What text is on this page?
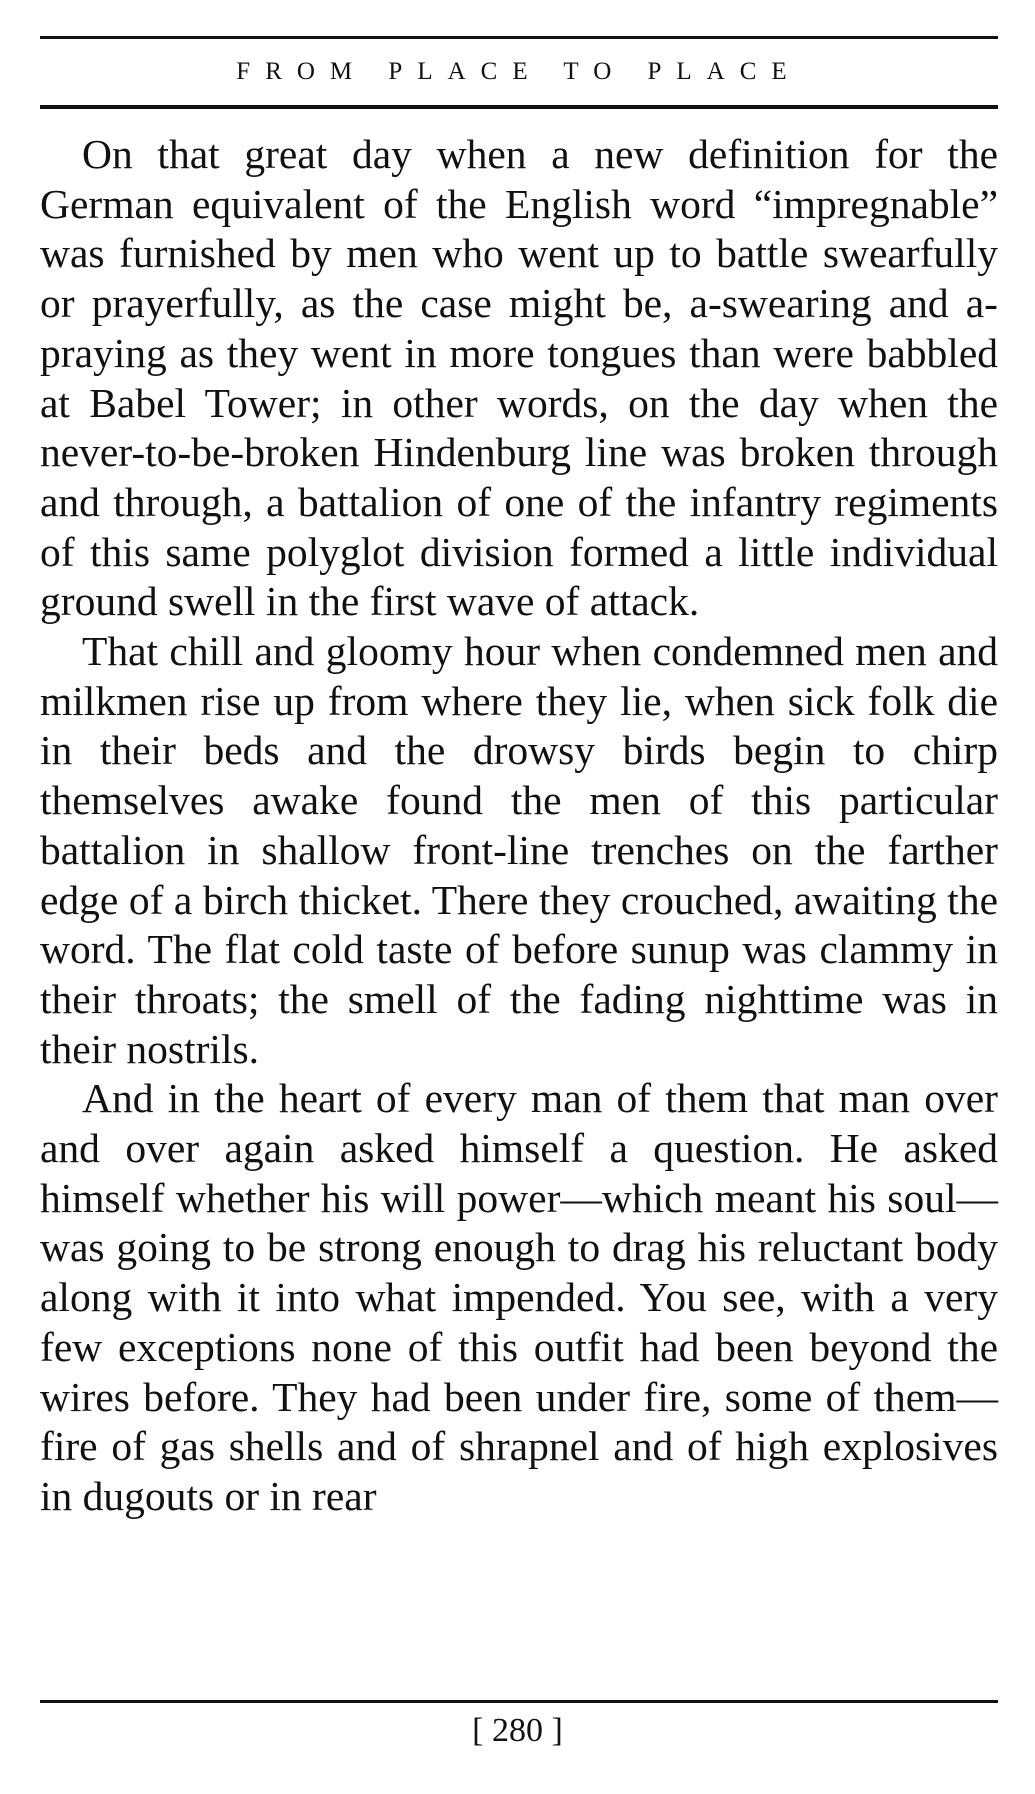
FROM PLACE TO PLACE

On that great day when a new definition for the German equivalent of the English word “impregnable” was furnished by men who went up to battle swearfully or prayerfully, as the case might be, a-swearing and a-praying as they went in more tongues than were babbled at Babel Tower; in other words, on the day when the never-to-be-broken Hindenburg line was broken through and through, a battalion of one of the infantry regiments of this same polyglot division formed a little individual ground swell in the first wave of attack.

That chill and gloomy hour when condemned men and milkmen rise up from where they lie, when sick folk die in their beds and the drowsy birds begin to chirp themselves awake found the men of this particular battalion in shallow front-line trenches on the farther edge of a birch thicket. There they crouched, awaiting the word. The flat cold taste of before sunup was clammy in their throats; the smell of the fading nighttime was in their nostrils.

And in the heart of every man of them that man over and over again asked himself a question. He asked himself whether his will power—which meant his soul—was going to be strong enough to drag his reluctant body along with it into what impended. You see, with a very few exceptions none of this outfit had been beyond the wires before. They had been under fire, some of them—fire of gas shells and of shrapnel and of high explosives in dugouts or in rear

[ 280 ]
